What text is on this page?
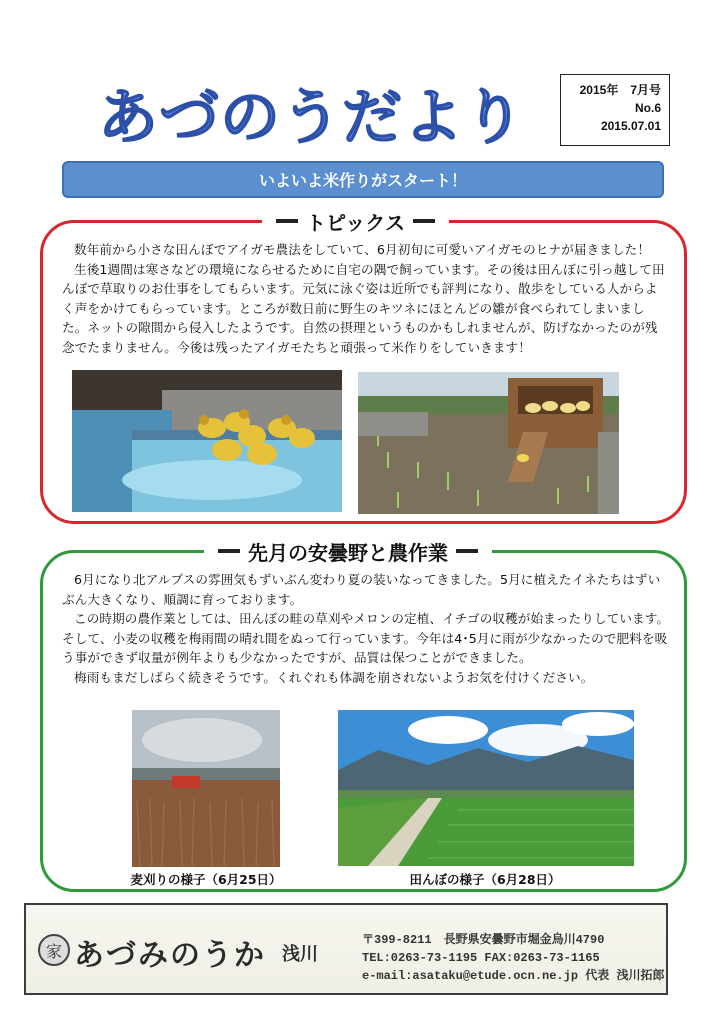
あづのうだより	2015年　7月号
No.6
2015.07.01
いよいよ米作りがスタート！
トピックス

数年前から小さな田んぼでアイガモ農法をしていて、6月初旬に可愛いアイガモのヒナが届きました！

生後1週間は寒さなどの環境にならせるために自宅の隅で飼っています。その後は田んぼに引っ越して田んぼで草取りのお仕事をしてもらいます。元気に泳ぐ姿は近所でも評判になり、散歩をしている人からよく声をかけてもらっています。ところが数日前に野生のキツネにほとんどの雛が食べられてしまいました。ネットの隙間から侵入したようです。自然の摂理というものかもしれませんが、防げなかったのが残念でたまりません。今後は残ったアイガモたちと頑張って米作りをしていきます！

先月の安曇野と農作業

6月になり北アルプスの雰囲気もずいぶん変わり夏の装いなってきました。5月に植えたイネたちはずいぶん大きくなり、順調に育っております。

この時期の農作業としては、田んぼの畦の草刈やメロンの定植、イチゴの収穫が始まったりしています。そして、小麦の収穫を梅雨間の晴れ間をぬって行っています。今年は4･5月に雨が少なかったので肥料を吸う事ができず収量が例年よりも少なかったですが、品質は保つことができました。

梅雨もまだしばらく続きそうです。くれぐれも体調を崩されないようお気を付けください。

麦刈りの様子（6月25日）	田んぼの様子（6月28日）
家 あづみのうか 浅川
〒399-8211　長野県安曇野市堀金烏川4790
TEL:0263-73-1195 FAX:0263-73-1165
e-mail:asataku@etude.ocn.ne.jp 代表 浅川拓郎
